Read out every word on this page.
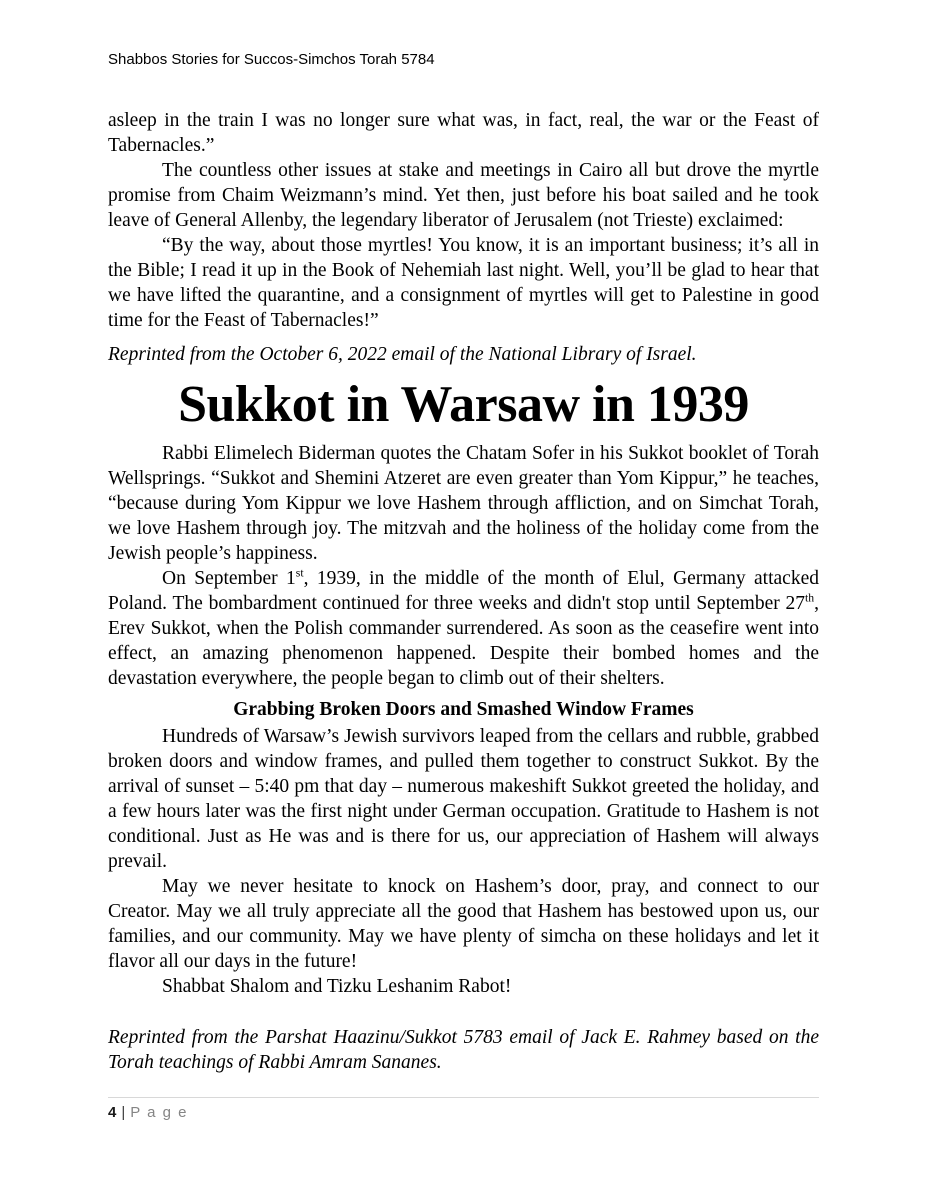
Shabbos Stories for Succos-Simchos Torah 5784

asleep in the train I was no longer sure what was, in fact, real, the war or the Feast of Tabernacles.”

The countless other issues at stake and meetings in Cairo all but drove the myrtle promise from Chaim Weizmann’s mind. Yet then, just before his boat sailed and he took leave of General Allenby, the legendary liberator of Jerusalem (not Trieste) exclaimed:

“By the way, about those myrtles! You know, it is an important business; it’s all in the Bible; I read it up in the Book of Nehemiah last night. Well, you’ll be glad to hear that we have lifted the quarantine, and a consignment of myrtles will get to Palestine in good time for the Feast of Tabernacles!”

Reprinted from the October 6, 2022 email of the National Library of Israel.

Sukkot in Warsaw in 1939

Rabbi Elimelech Biderman quotes the Chatam Sofer in his Sukkot booklet of Torah Wellsprings. “Sukkot and Shemini Atzeret are even greater than Yom Kippur,” he teaches, “because during Yom Kippur we love Hashem through affliction, and on Simchat Torah, we love Hashem through joy. The mitzvah and the holiness of the holiday come from the Jewish people’s happiness.

On September 1st, 1939, in the middle of the month of Elul, Germany attacked Poland. The bombardment continued for three weeks and didn't stop until September 27th, Erev Sukkot, when the Polish commander surrendered. As soon as the ceasefire went into effect, an amazing phenomenon happened. Despite their bombed homes and the devastation everywhere, the people began to climb out of their shelters.

Grabbing Broken Doors and Smashed Window Frames

Hundreds of Warsaw’s Jewish survivors leaped from the cellars and rubble, grabbed broken doors and window frames, and pulled them together to construct Sukkot. By the arrival of sunset – 5:40 pm that day – numerous makeshift Sukkot greeted the holiday, and a few hours later was the first night under German occupation. Gratitude to Hashem is not conditional. Just as He was and is there for us, our appreciation of Hashem will always prevail.

May we never hesitate to knock on Hashem’s door, pray, and connect to our Creator. May we all truly appreciate all the good that Hashem has bestowed upon us, our families, and our community. May we have plenty of simcha on these holidays and let it flavor all our days in the future!

Shabbat Shalom and Tizku Leshanim Rabot!

Reprinted from the Parshat Haazinu/Sukkot 5783 email of Jack E. Rahmey based on the Torah teachings of Rabbi Amram Sananes.

4 | P a g e
